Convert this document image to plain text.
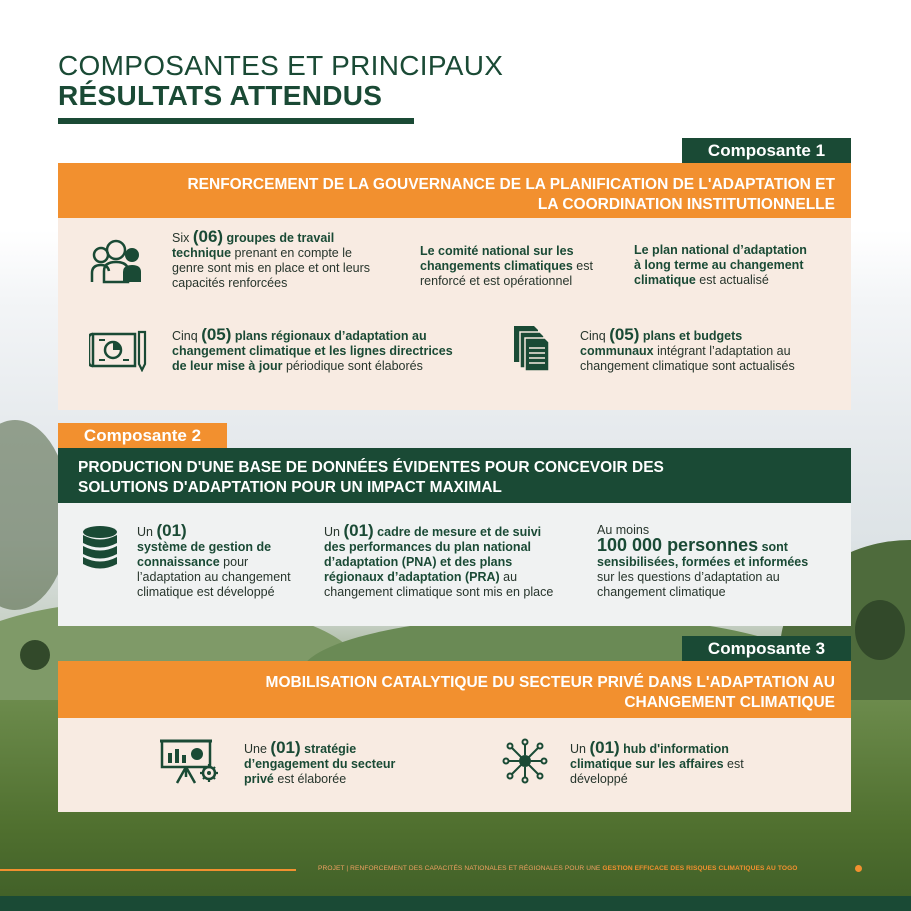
COMPOSANTES ET PRINCIPAUX
RÉSULTATS ATTENDUS
Composante 1
RENFORCEMENT DE LA GOUVERNANCE DE LA PLANIFICATION DE L'ADAPTATION ET
LA COORDINATION INSTITUTIONNELLE
Six (06) groupes de travail
technique prenant en compte le
genre sont mis en place et ont leurs
capacités renforcées
Le comité national sur les
changements climatiques est
renforcé et est opérationnel
Le plan national d’adaptation
à long terme au changement
climatique est actualisé
Cinq (05) plans régionaux d’adaptation au
changement climatique et les lignes directrices
de leur mise à jour périodique sont élaborés
Cinq (05) plans et budgets
communaux intégrant l’adaptation au
changement climatique sont actualisés
Composante 2
PRODUCTION D'UNE BASE DE DONNÉES ÉVIDENTES POUR CONCEVOIR DES
SOLUTIONS D'ADAPTATION POUR UN IMPACT MAXIMAL
Un (01)
système de gestion de
connaissance pour
l’adaptation au changement
climatique est développé
Un (01) cadre de mesure et de suivi
des performances du plan national
d’adaptation (PNA) et des plans
régionaux d’adaptation (PRA) au
changement climatique sont mis en place
Au moins
100 000 personnes sont
sensibilisées, formées et informées
sur les questions d’adaptation au
changement climatique
Composante 3
MOBILISATION CATALYTIQUE DU SECTEUR PRIVÉ DANS L'ADAPTATION AU
CHANGEMENT CLIMATIQUE
Une (01) stratégie
d’engagement du secteur
privé est élaborée
Un (01) hub d'information
climatique sur les affaires est
développé
PROJET | RENFORCEMENT DES CAPACITÉS NATIONALES ET RÉGIONALES POUR UNE GESTION EFFICACE DES RISQUES CLIMATIQUES AU TOGO
